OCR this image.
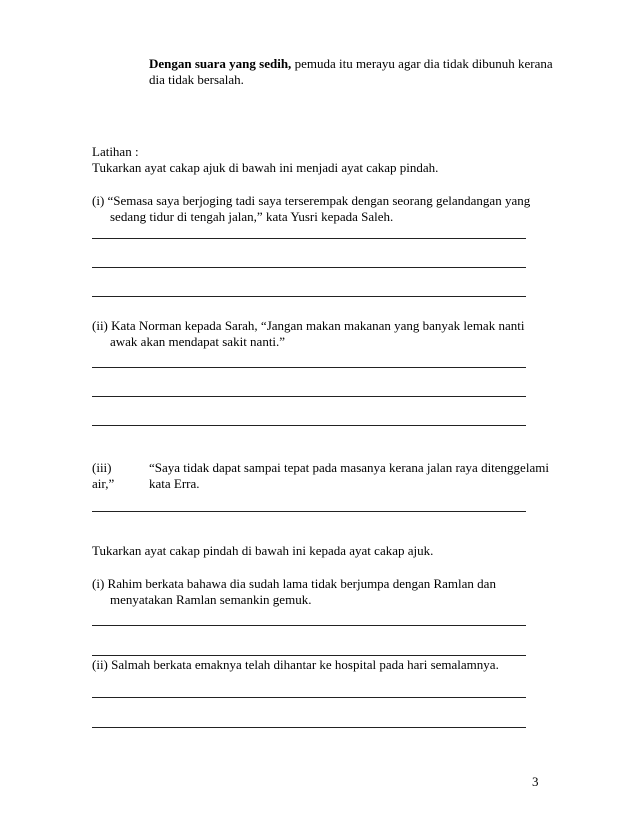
Dengan suara yang sedih, pemuda itu merayu agar dia tidak dibunuh kerana
dia tidak bersalah.
Latihan :
Tukarkan ayat cakap ajuk di bawah ini menjadi ayat cakap pindah.
(i) “Semasa saya berjoging tadi saya terserempak dengan seorang gelandangan yang
sedang tidur di tengah jalan,” kata Yusri kepada Saleh.
(ii) Kata Norman kepada Sarah, “Jangan makan makanan yang banyak lemak nanti
awak akan mendapat sakit nanti.”
(iii)
air,”
“Saya tidak dapat sampai tepat pada masanya kerana jalan raya ditenggelami
kata Erra.
Tukarkan ayat cakap pindah di bawah ini kepada ayat cakap ajuk.
(i) Rahim berkata bahawa dia sudah lama tidak berjumpa dengan Ramlan dan
menyatakan Ramlan semankin gemuk.
(ii) Salmah berkata emaknya telah dihantar ke hospital pada hari semalamnya.
3
